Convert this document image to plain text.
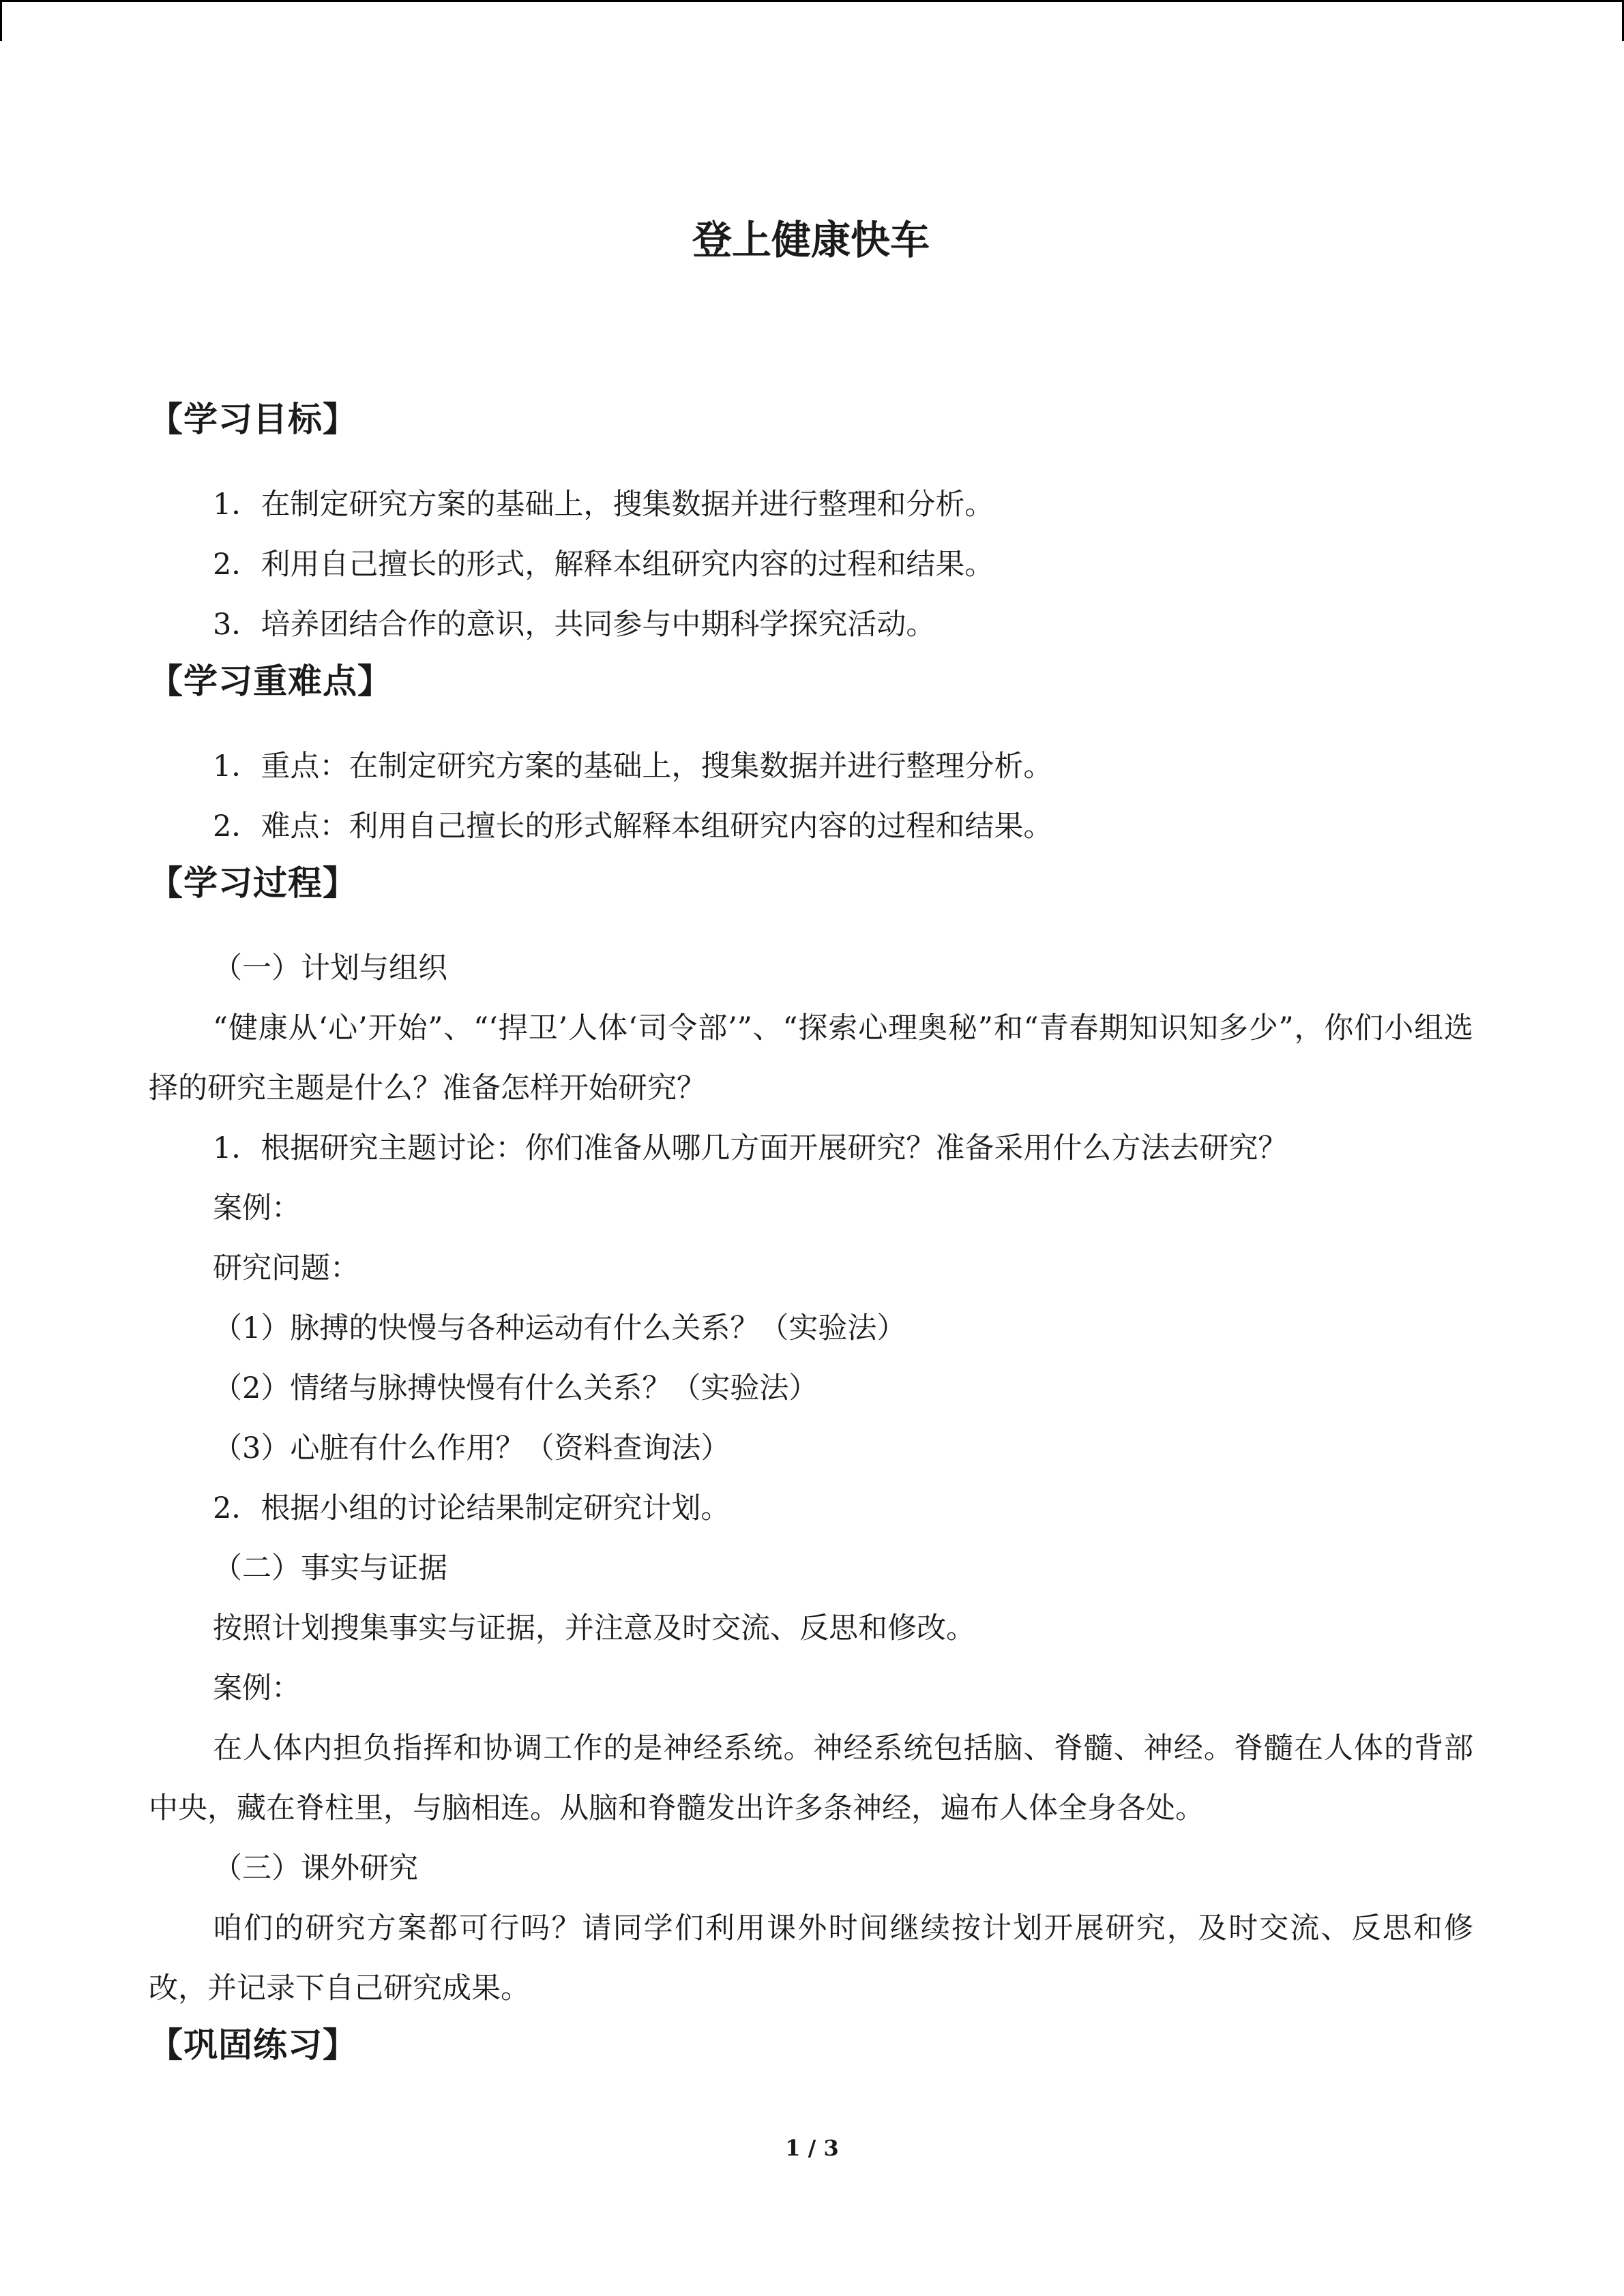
登上健康快车
【学习目标】

1．在制定研究方案的基础上，搜集数据并进行整理和分析。

2．利用自己擅长的形式，解释本组研究内容的过程和结果。

3．培养团结合作的意识，共同参与中期科学探究活动。

【学习重难点】

1．重点：在制定研究方案的基础上，搜集数据并进行整理分析。

2．难点：利用自己擅长的形式解释本组研究内容的过程和结果。

【学习过程】

（一）计划与组织

“健康从‘心’开始”、“‘捍卫’人体‘司令部’”、“探索心理奥秘”和“青春期知识知多少”，你们小组选择的研究主题是什么？准备怎样开始研究？

1．根据研究主题讨论：你们准备从哪几方面开展研究？准备采用什么方法去研究？

案例：

研究问题：

（1）脉搏的快慢与各种运动有什么关系？（实验法）

（2）情绪与脉搏快慢有什么关系？（实验法）

（3）心脏有什么作用？（资料查询法）

2．根据小组的讨论结果制定研究计划。

（二）事实与证据

按照计划搜集事实与证据，并注意及时交流、反思和修改。

案例：

在人体内担负指挥和协调工作的是神经系统。神经系统包括脑、脊髓、神经。脊髓在人体的背部中央，藏在脊柱里，与脑相连。从脑和脊髓发出许多条神经，遍布人体全身各处。

（三）课外研究

咱们的研究方案都可行吗？请同学们利用课外时间继续按计划开展研究，及时交流、反思和修改，并记录下自己研究成果。

【巩固练习】
1 / 3
